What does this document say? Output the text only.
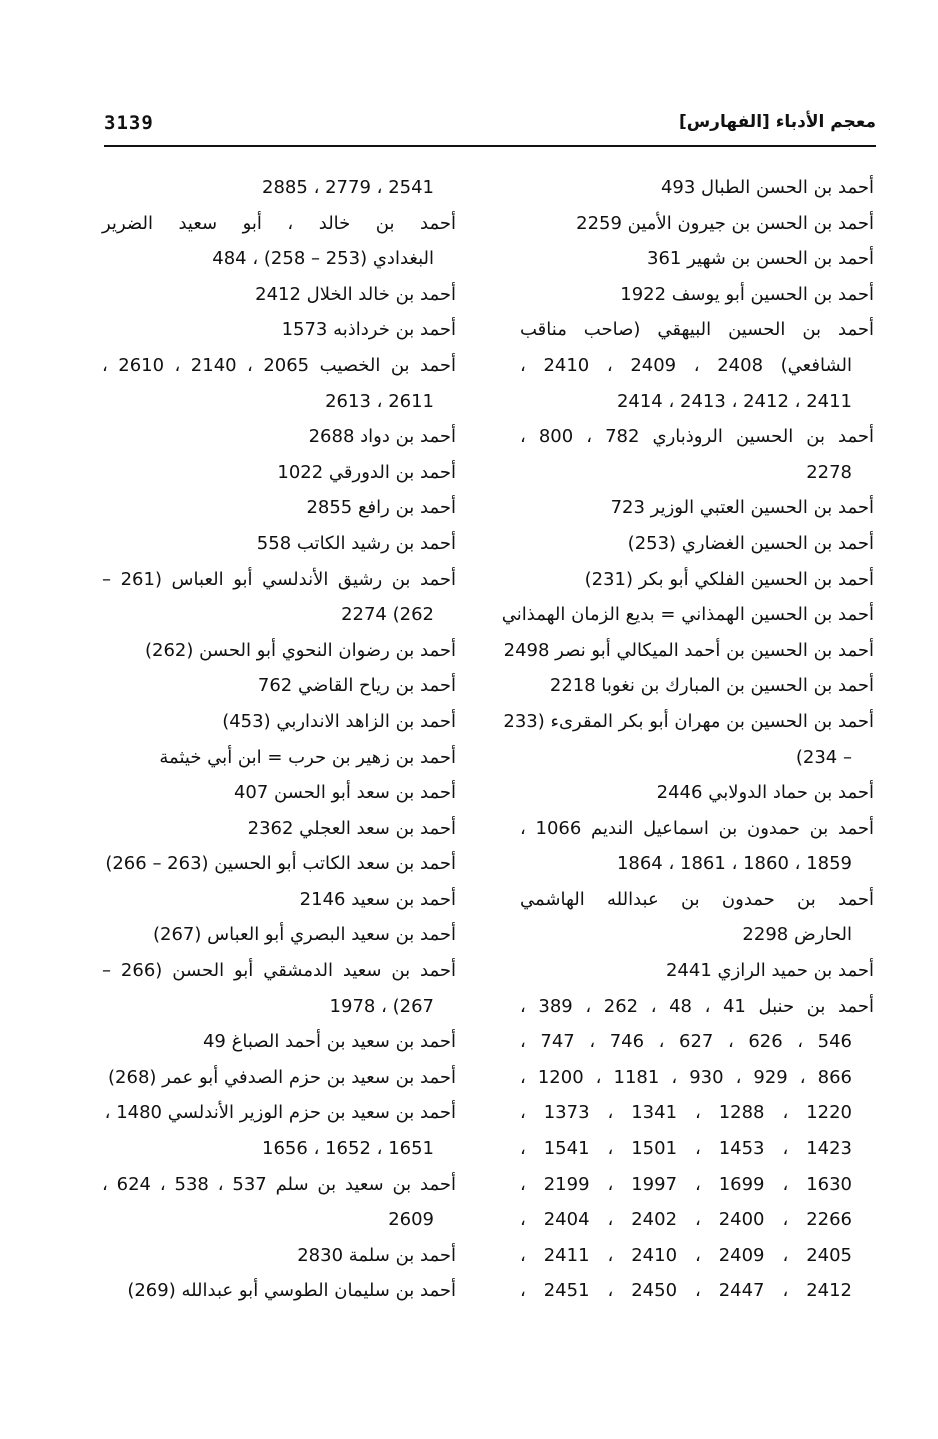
3139	معجم الأدباء [الفهارس]
أحمد بن الحسن الطبال 493
أحمد بن الحسن بن جيرون الأمين 2259
أحمد بن الحسن بن شهير 361
أحمد بن الحسين أبو يوسف 1922
أحمد بن الحسين البيهقي (صاحب مناقب
الشافعي) 2408 ، 2409 ، 2410 ،
2411 ، 2412 ، 2413 ، 2414
أحمد بن الحسين الروذباري 782 ، 800 ،
2278
أحمد بن الحسين العتبي الوزير 723
أحمد بن الحسين الغضاري (253)
أحمد بن الحسين الفلكي أبو بكر (231)
أحمد بن الحسين الهمذاني = بديع الزمان الهمذاني
أحمد بن الحسين بن أحمد الميكالي أبو نصر 2498
أحمد بن الحسين بن المبارك بن نغوبا 2218
أحمد بن الحسين بن مهران أبو بكر المقرىء (233
– 234)
أحمد بن حماد الدولابي 2446
أحمد بن حمدون بن اسماعيل النديم 1066 ،
1859 ، 1860 ، 1861 ، 1864
أحمد بن حمدون بن عبدالله الهاشمي
الحارض 2298
أحمد بن حميد الرازي 2441
أحمد بن حنبل 41 ، 48 ، 262 ، 389 ،
546 ، 626 ، 627 ، 746 ، 747 ،
866 ، 929 ، 930 ، 1181 ، 1200 ،
1220 ، 1288 ، 1341 ، 1373 ،
1423 ، 1453 ، 1501 ، 1541 ،
1630 ، 1699 ، 1997 ، 2199 ،
2266 ، 2400 ، 2402 ، 2404 ،
2405 ، 2409 ، 2410 ، 2411 ،
2412 ، 2447 ، 2450 ، 2451 ،
2541 ، 2779 ، 2885
أحمد بن خالد ، أبو سعيد الضرير
البغدادي (253 – 258) ، 484
أحمد بن خالد الخلال 2412
أحمد بن خرداذبه 1573
أحمد بن الخصيب 2065 ، 2140 ، 2610 ،
2611 ، 2613
أحمد بن دواد 2688
أحمد بن الدورقي 1022
أحمد بن رافع 2855
أحمد بن رشيد الكاتب 558
أحمد بن رشيق الأندلسي أبو العباس (261 –
262) 2274
أحمد بن رضوان النحوي أبو الحسن (262)
أحمد بن رياح القاضي 762
أحمد بن الزاهد الانداربي (453)
أحمد بن زهير بن حرب = ابن أبي خيثمة
أحمد بن سعد أبو الحسن 407
أحمد بن سعد العجلي 2362
أحمد بن سعد الكاتب أبو الحسين (263 – 266)
أحمد بن سعيد 2146
أحمد بن سعيد البصري أبو العباس (267)
أحمد بن سعيد الدمشقي أبو الحسن (266 –
267) ، 1978
أحمد بن سعيد بن أحمد الصباغ 49
أحمد بن سعيد بن حزم الصدفي أبو عمر (268)
أحمد بن سعيد بن حزم الوزير الأندلسي 1480 ،
1651 ، 1652 ، 1656
أحمد بن سعيد بن سلم 537 ، 538 ، 624 ،
2609
أحمد بن سلمة 2830
أحمد بن سليمان الطوسي أبو عبدالله (269)
